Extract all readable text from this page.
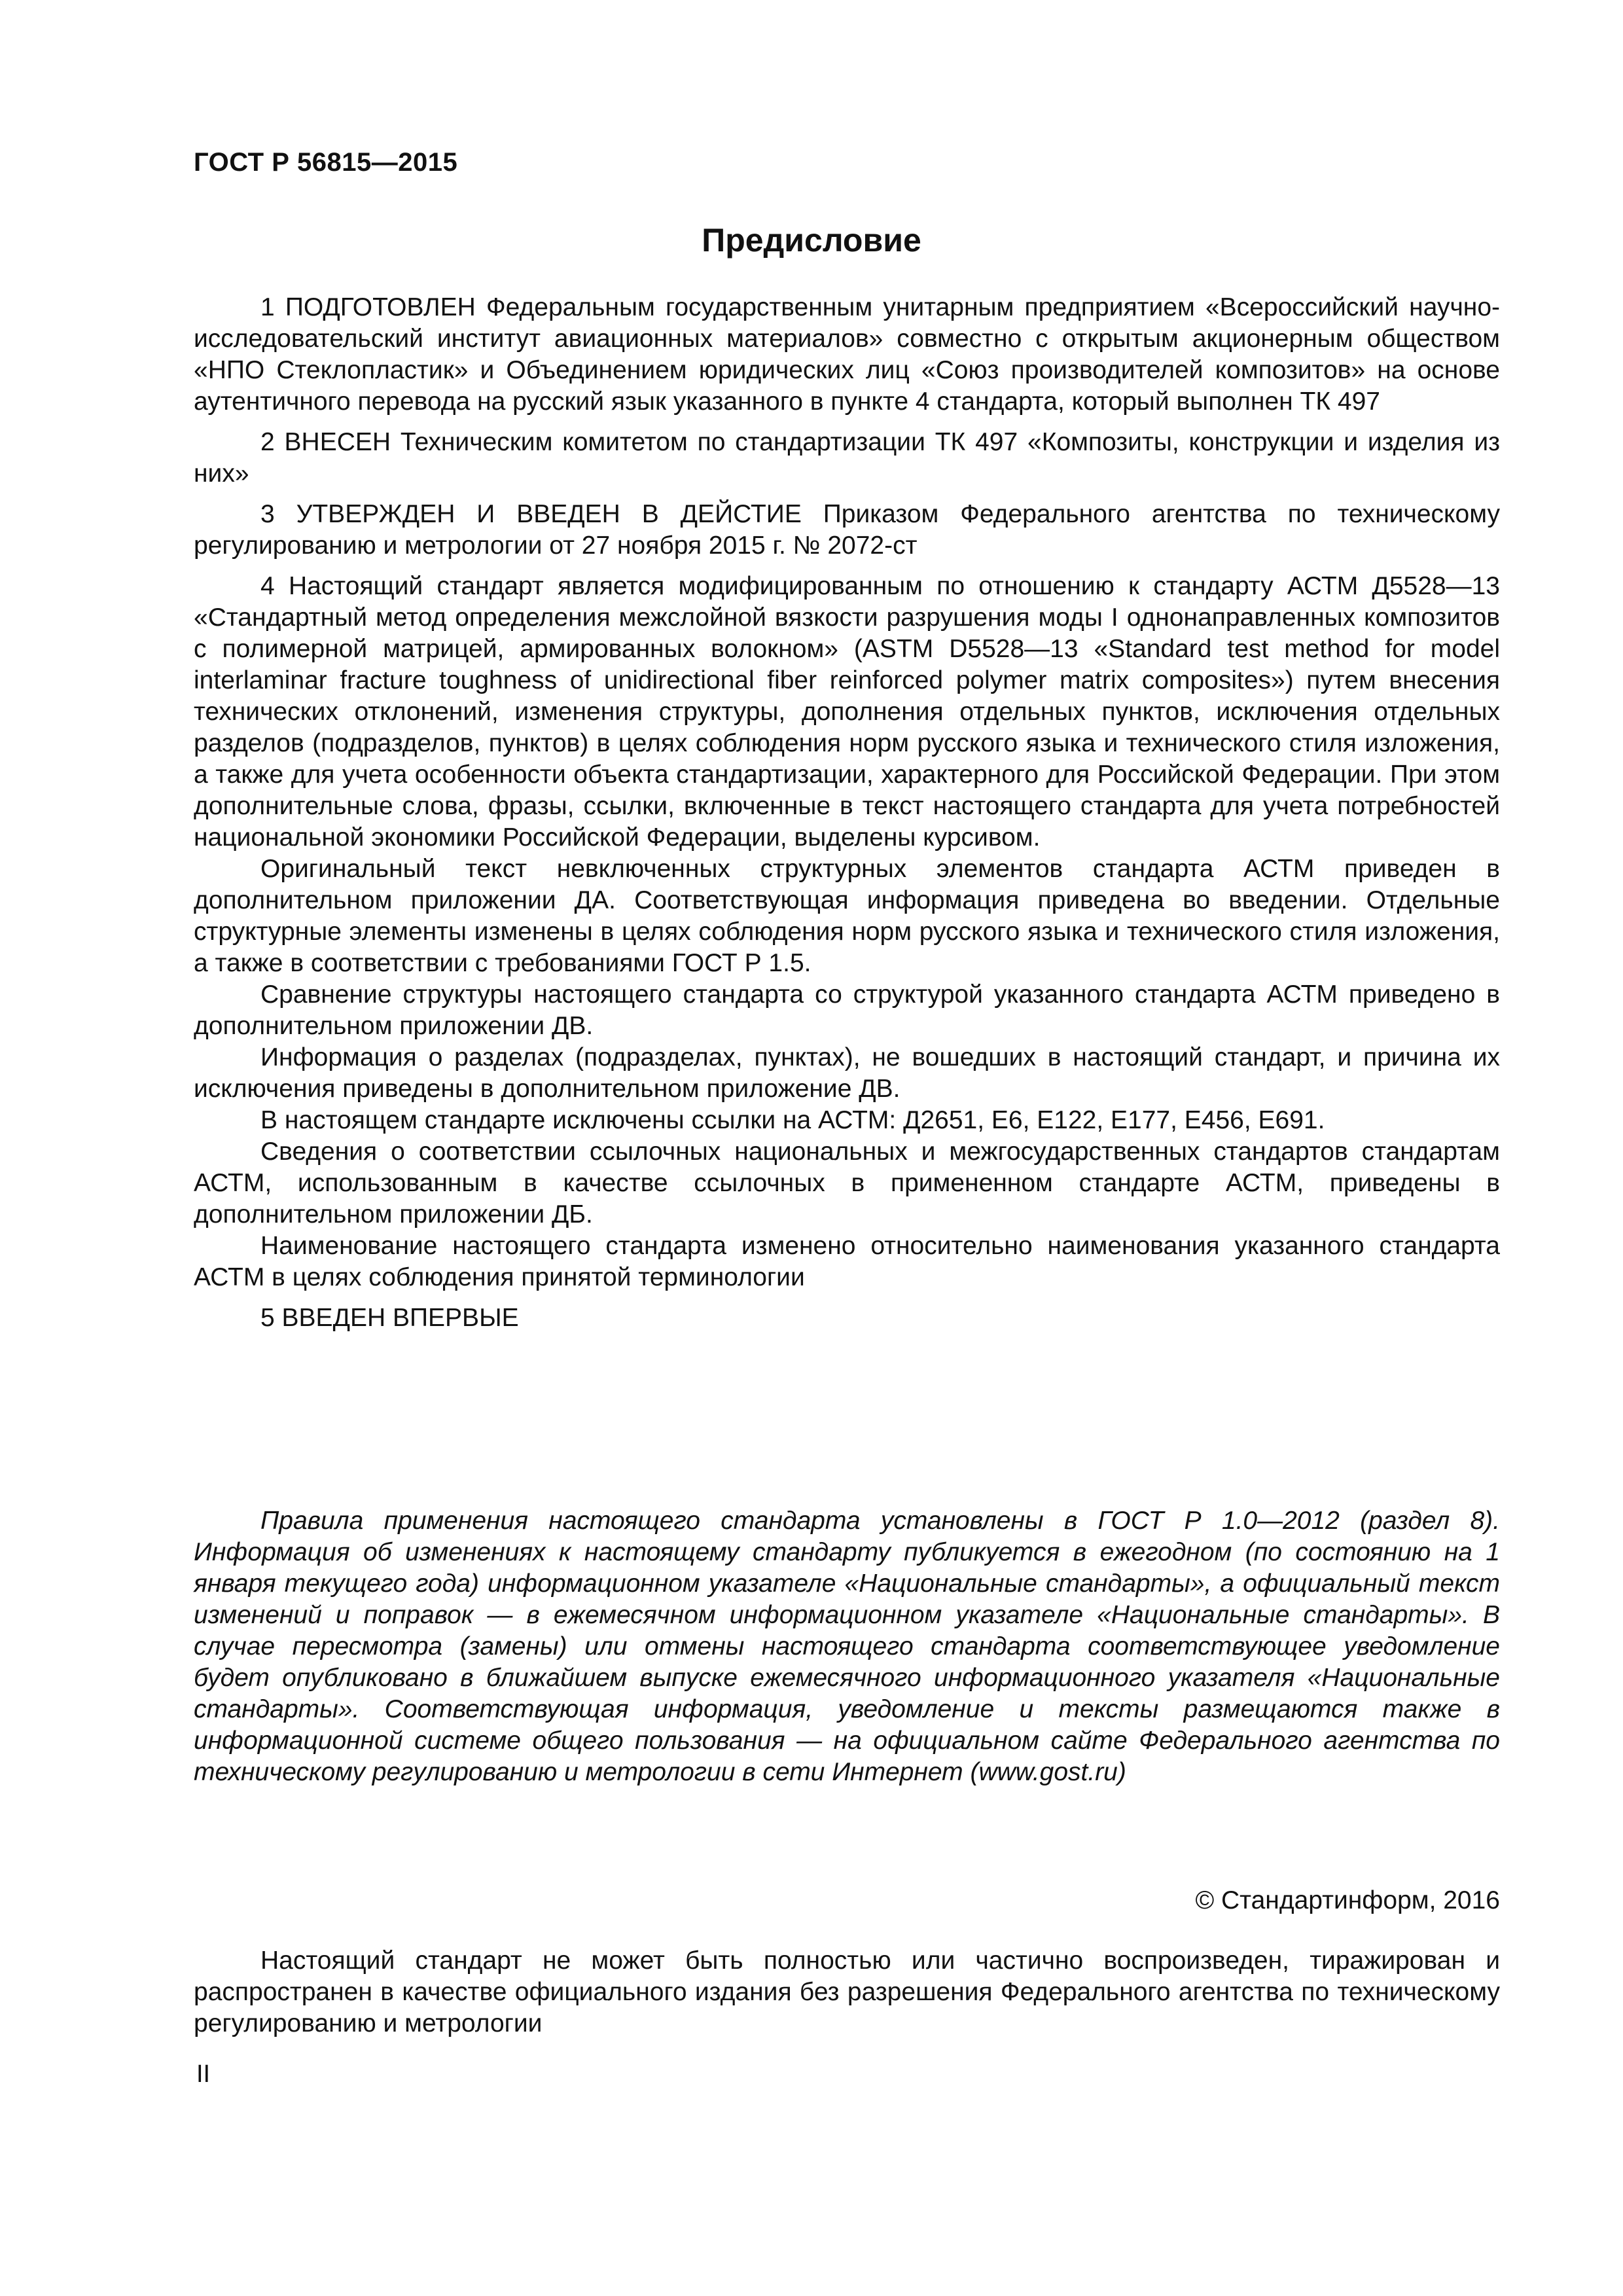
ГОСТ Р 56815—2015
Предисловие

1 ПОДГОТОВЛЕН Федеральным государственным унитарным предприятием «Всероссийский научно-исследовательский институт авиационных материалов» совместно с открытым акционерным обществом «НПО Стеклопластик» и Объединением юридических лиц «Союз производителей композитов» на основе аутентичного перевода на русский язык указанного в пункте 4 стандарта, который выполнен ТК 497

2 ВНЕСЕН Техническим комитетом по стандартизации ТК 497 «Композиты, конструкции и изделия из них»

3 УТВЕРЖДЕН И ВВЕДЕН В ДЕЙСТИЕ Приказом Федерального агентства по техническому регулированию и метрологии от 27 ноября 2015 г. № 2072-ст

4 Настоящий стандарт является модифицированным по отношению к стандарту АСТМ Д5528—13 «Стандартный метод определения межслойной вязкости разрушения моды I однонаправленных композитов с полимерной матрицей, армированных волокном» (ASTM D5528—13 «Standard test method for model interlaminar fracture toughness of unidirectional fiber reinforced polymer matrix composites») путем внесения технических отклонений, изменения структуры, дополнения отдельных пунктов, исключения отдельных разделов (подразделов, пунктов) в целях соблюдения норм русского языка и технического стиля изложения, а также для учета особенности объекта стандартизации, характерного для Российской Федерации. При этом дополнительные слова, фразы, ссылки, включенные в текст настоящего стандарта для учета потребностей национальной экономики Российской Федерации, выделены курсивом.

Оригинальный текст невключенных структурных элементов стандарта АСТМ приведен в дополнительном приложении ДА. Соответствующая информация приведена во введении. Отдельные структурные элементы изменены в целях соблюдения норм русского языка и технического стиля изложения, а также в соответствии с требованиями ГОСТ Р 1.5.

Сравнение структуры настоящего стандарта со структурой указанного стандарта АСТМ приведено в дополнительном приложении ДВ.

Информация о разделах (подразделах, пунктах), не вошедших в настоящий стандарт, и причина их исключения приведены в дополнительном приложение ДВ.

В настоящем стандарте исключены ссылки на АСТМ: Д2651, Е6, Е122, Е177, Е456, Е691.

Сведения о соответствии ссылочных национальных и межгосударственных стандартов стандартам АСТМ, использованным в качестве ссылочных в примененном стандарте АСТМ, приведены в дополнительном приложении ДБ.

Наименование настоящего стандарта изменено относительно наименования указанного стандарта АСТМ в целях соблюдения принятой терминологии

5 ВВЕДЕН ВПЕРВЫЕ

Правила применения настоящего стандарта установлены в ГОСТ Р 1.0—2012 (раздел 8). Информация об изменениях к настоящему стандарту публикуется в ежегодном (по состоянию на 1 января текущего года) информационном указателе «Национальные стандарты», а официальный текст изменений и поправок — в ежемесячном информационном указателе «Национальные стандарты». В случае пересмотра (замены) или отмены настоящего стандарта соответствующее уведомление будет опубликовано в ближайшем выпуске ежемесячного информационного указателя «Национальные стандарты». Соответствующая информация, уведомление и тексты размещаются также в информационной системе общего пользования — на официальном сайте Федерального агентства по техническому регулированию и метрологии в сети Интернет (www.gost.ru)

© Стандартинформ, 2016

Настоящий стандарт не может быть полностью или частично воспроизведен, тиражирован и распространен в качестве официального издания без разрешения Федерального агентства по техническому регулированию и метрологии

II
